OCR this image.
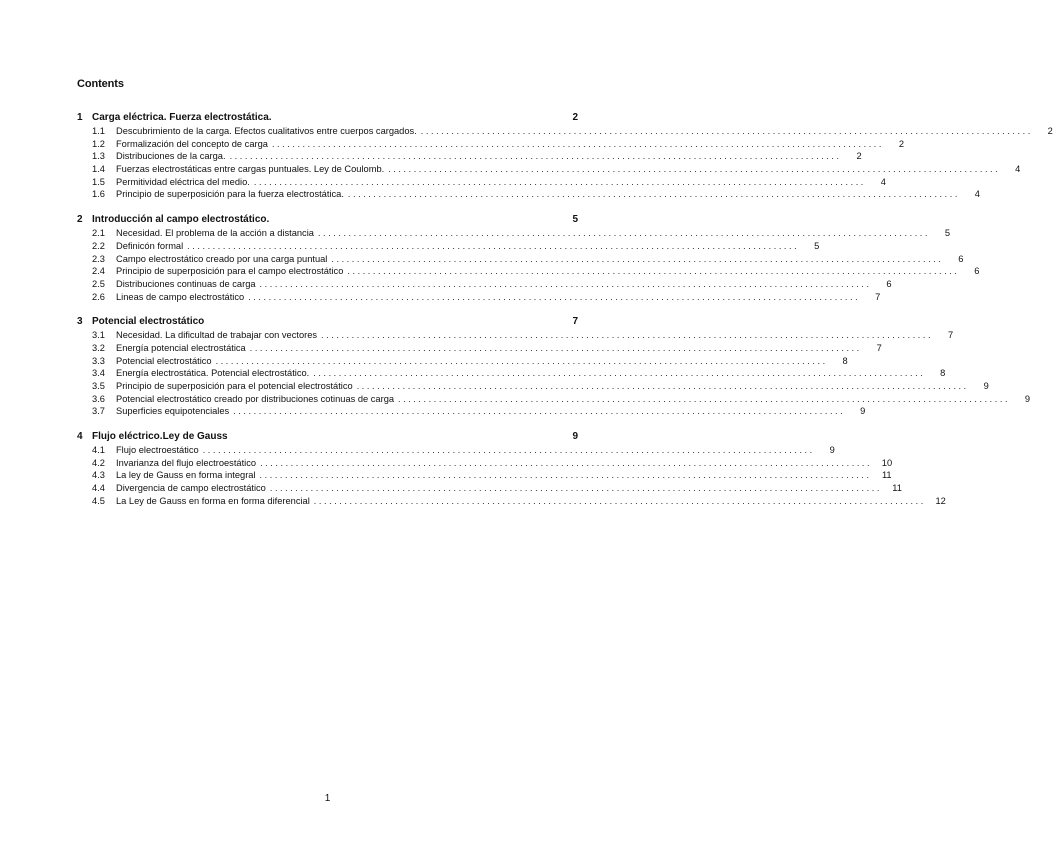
Contents
1 Carga eléctrica. Fuerza electrostática.	2
1.1	Descubrimiento de la carga. Efectos cualitativos entre cuerpos cargados. ........................................................................................................................	2
1.2	Formalización del concepto de carga ........................................................................................................................	2
1.3	Distribuciones de la carga. ........................................................................................................................	2
1.4	Fuerzas electrostáticas entre cargas puntuales. Ley de Coulomb. ........................................................................................................................	4
1.5	Permitividad eléctrica del medio. ........................................................................................................................	4
1.6	Principio de superposición para la fuerza electrostática. ........................................................................................................................	4
2 Introducción al campo electrostático.	5
2.1	Necesidad. El problema de la acción a distancia ........................................................................................................................	5
2.2	Definicón formal ........................................................................................................................	5
2.3	Campo electrostático creado por una carga puntual ........................................................................................................................	6
2.4	Principio de superposición para el campo electrostático ........................................................................................................................	6
2.5	Distribuciones continuas de carga ........................................................................................................................	6
2.6	Lineas de campo electrostático ........................................................................................................................	7
3 Potencial electrostático	7
3.1	Necesidad. La dificultad de trabajar con vectores ........................................................................................................................	7
3.2	Energía potencial electrostática ........................................................................................................................	7
3.3	Potencial electrostático ........................................................................................................................	8
3.4	Energía electrostática. Potencial electrostático. ........................................................................................................................	8
3.5	Principio de superposición para el potencial electrostático ........................................................................................................................	9
3.6	Potencial electrostático creado por distribuciones cotinuas de carga ........................................................................................................................	9
3.7	Superficies equipotenciales ........................................................................................................................	9
4 Flujo eléctrico.Ley de Gauss	9
4.1	Flujo electroestático ........................................................................................................................	9
4.2	Invarianza del flujo electroestático ........................................................................................................................	10
4.3	La ley de Gauss en forma integral ........................................................................................................................	11
4.4	Divergencia de campo electrostático ........................................................................................................................	11
4.5	La Ley de Gauss en forma en forma diferencial ........................................................................................................................	12
1
